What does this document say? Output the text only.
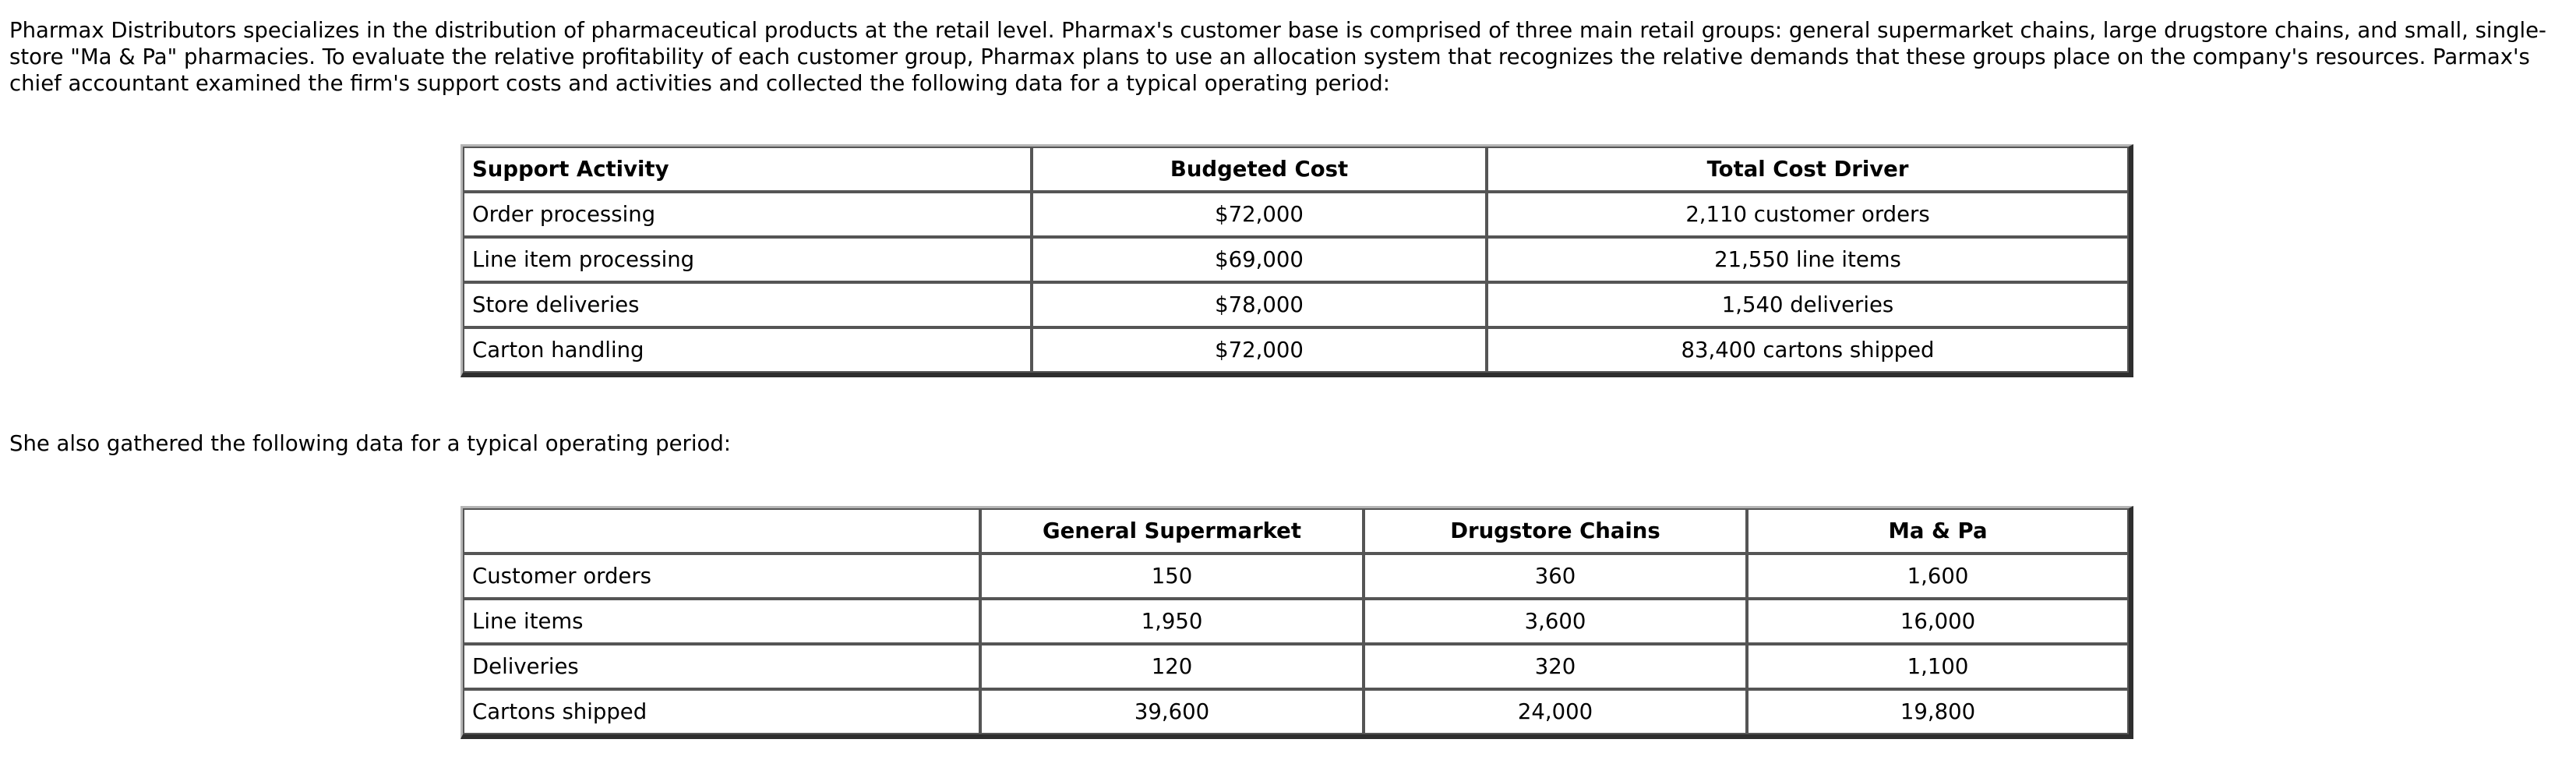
Pharmax Distributors specializes in the distribution of pharmaceutical products at the retail level. Pharmax's customer base is comprised of three main retail groups: general supermarket chains, large drugstore chains, and small, single-store "Ma & Pa" pharmacies. To evaluate the relative profitability of each customer group, Pharmax plans to use an allocation system that recognizes the relative demands that these groups place on the company's resources. Parmax's chief accountant examined the firm's support costs and activities and collected the following data for a typical operating period:

Support Activity	Budgeted Cost	Total Cost Driver
Order processing	$72,000	2,110 customer orders
Line item processing	$69,000	21,550 line items
Store deliveries	$78,000	1,540 deliveries
Carton handling	$72,000	83,400 cartons shipped

She also gathered the following data for a typical operating period:

	General Supermarket	Drugstore Chains	Ma & Pa
Customer orders	150	360	1,600
Line items	1,950	3,600	16,000
Deliveries	120	320	1,100
Cartons shipped	39,600	24,000	19,800
